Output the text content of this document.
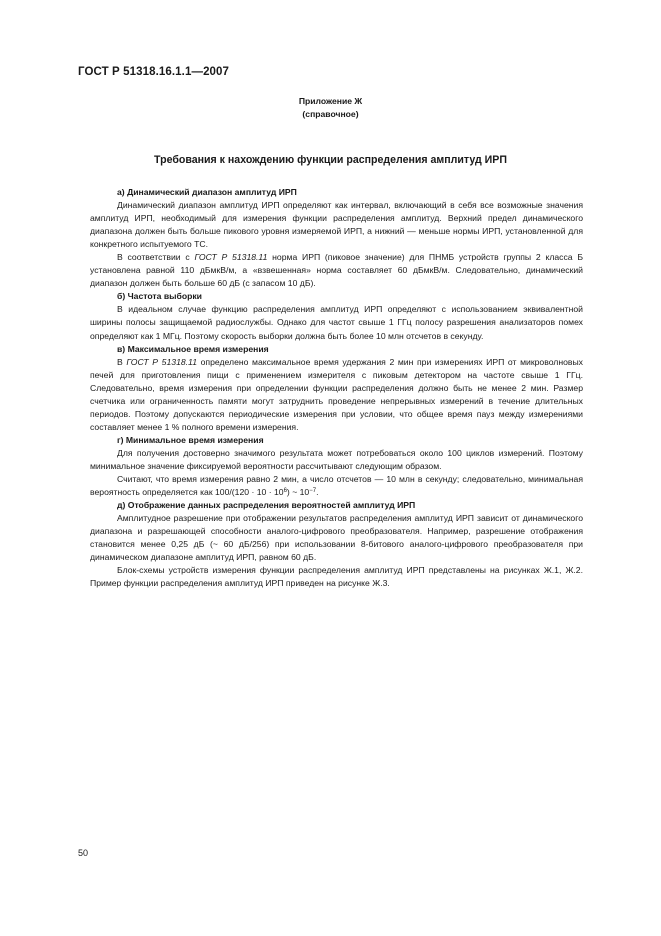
ГОСТ Р 51318.16.1.1—2007
Приложение Ж
(справочное)
Требования к нахождению функции распределения амплитуд ИРП
а) Динамический диапазон амплитуд ИРП

Динамический диапазон амплитуд ИРП определяют как интервал, включающий в себя все возможные значения амплитуд ИРП, необходимый для измерения функции распределения амплитуд. Верхний предел динамического диапазона должен быть больше пикового уровня измеряемой ИРП, а нижний — меньше нормы ИРП, установленной для конкретного испытуемого ТС.

В соответствии с ГОСТ Р 51318.11 норма ИРП (пиковое значение) для ПНМБ устройств группы 2 класса Б установлена равной 110 дБмкВ/м, а «взвешенная» норма составляет 60 дБмкВ/м. Следовательно, динамический диапазон должен быть больше 60 дБ (с запасом 10 дБ).

б) Частота выборки

В идеальном случае функцию распределения амплитуд ИРП определяют с использованием эквивалентной ширины полосы защищаемой радиослужбы. Однако для частот свыше 1 ГГц полосу разрешения анализаторов помех определяют как 1 МГц. Поэтому скорость выборки должна быть более 10 млн отсчетов в секунду.

в) Максимальное время измерения

В ГОСТ Р 51318.11 определено максимальное время удержания 2 мин при измерениях ИРП от микроволновых печей для приготовления пищи с применением измерителя с пиковым детектором на частоте свыше 1 ГГц. Следовательно, время измерения при определении функции распределения должно быть не менее 2 мин. Размер счетчика или ограниченность памяти могут затруднить проведение непрерывных измерений в течение длительных периодов. Поэтому допускаются периодические измерения при условии, что общее время пауз между измерениями составляет менее 1 % полного времени измерения.

г) Минимальное время измерения

Для получения достоверно значимого результата может потребоваться около 100 циклов измерений. Поэтому минимальное значение фиксируемой вероятности рассчитывают следующим образом.

Считают, что время измерения равно 2 мин, а число отсчетов — 10 млн в секунду; следовательно, минимальная вероятность определяется как $100/(120 \cdot 10 \cdot 10^6)$ ~ $10^{-7}$.

д) Отображение данных распределения вероятностей амплитуд ИРП

Амплитудное разрешение при отображении результатов распределения амплитуд ИРП зависит от динамического диапазона и разрешающей способности аналого-цифрового преобразователя. Например, разрешение отображения становится менее 0,25 дБ (~ 60 дБ/256) при использовании 8-битового аналого-цифрового преобразователя при динамическом диапазоне амплитуд ИРП, равном 60 дБ.

Блок-схемы устройств измерения функции распределения амплитуд ИРП представлены на рисунках Ж.1, Ж.2. Пример функции распределения амплитуд ИРП приведен на рисунке Ж.3.

50
